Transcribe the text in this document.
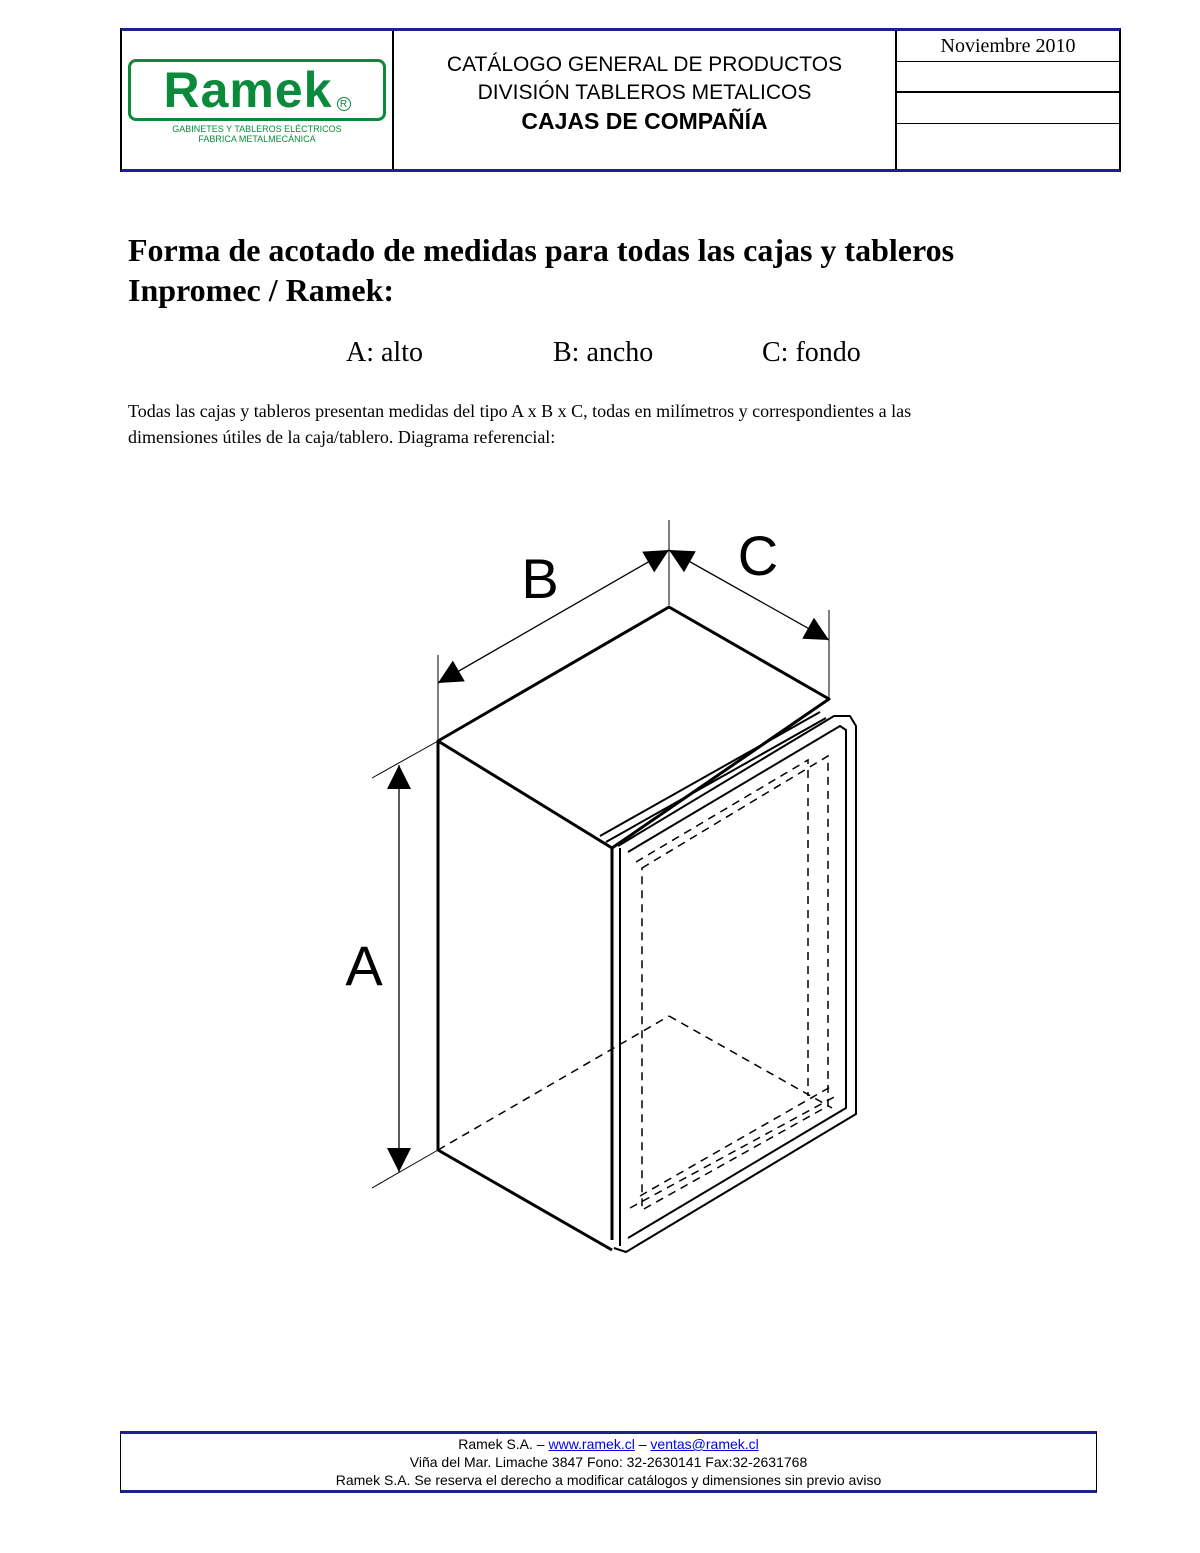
Ramek R
GABINETES Y TABLEROS ELÉCTRICOS
FABRICA METALMECÁNICA
CATÁLOGO GENERAL DE PRODUCTOS
DIVISIÓN TABLEROS METALICOS
CAJAS DE COMPAÑÍA
Noviembre 2010
Forma de acotado de medidas para todas las cajas y tableros
Inpromec / Ramek:
A: alto	B: ancho	C: fondo
Todas las cajas y tableros presentan medidas del tipo A x B x C, todas en milímetros y correspondientes a las
dimensiones útiles de la caja/tablero. Diagrama referencial:
B	C
A
Ramek S.A. – www.ramek.cl – ventas@ramek.cl
Viña del Mar. Limache 3847 Fono: 32-2630141 Fax:32-2631768
Ramek S.A. Se reserva el derecho a modificar catálogos y dimensiones sin previo aviso
